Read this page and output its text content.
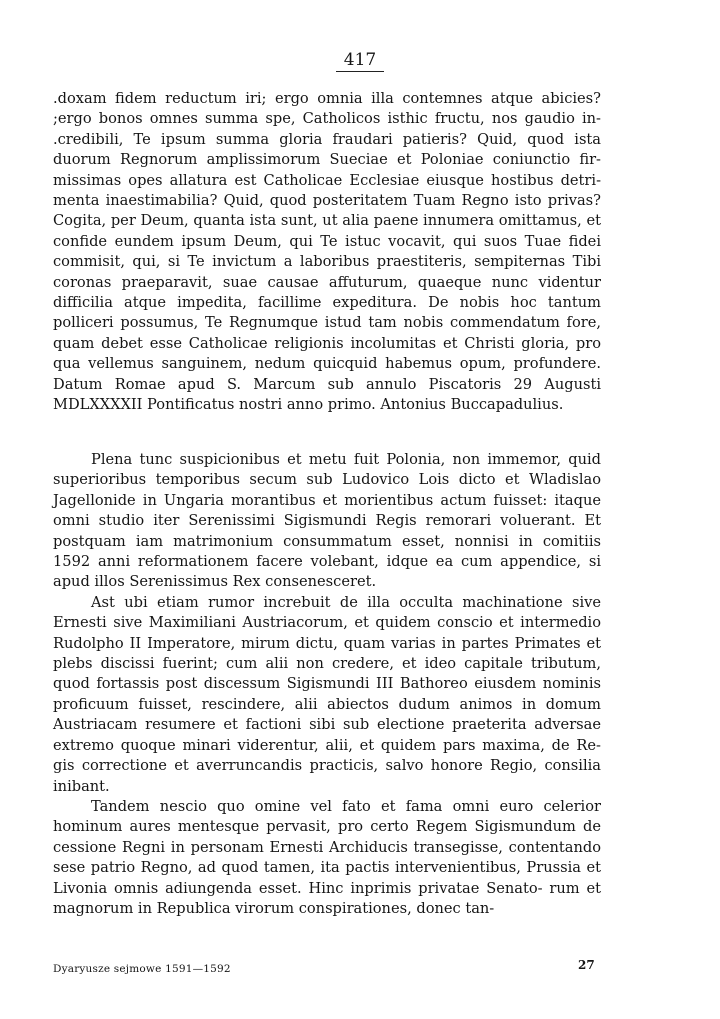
417

.doxam fidem reductum iri; ergo omnia illa contemnes atque abicies? ;ergo bonos omnes summa spe, Catholicos isthic fructu, nos gaudio in- .credibili, Te ipsum summa gloria fraudari patieris? Quid, quod ista duorum Regnorum amplissimorum Sueciae et Poloniae coniunctio fir- missimas opes allatura est Catholicae Ecclesiae eiusque hostibus detri- menta inaestimabilia? Quid, quod posteritatem Tuam Regno isto privas? Cogita, per Deum, quanta ista sunt, ut alia paene innumera omittamus, et confide eundem ipsum Deum, qui Te istuc vocavit, qui suos Tuae fidei commisit, qui, si Te invictum a laboribus praestiteris, sempiternas Tibi coronas praeparavit, suae causae affuturum, quaeque nunc videntur difficilia atque impedita, facillime expeditura. De nobis hoc tantum polliceri possumus, Te Regnumque istud tam nobis commendatum fore, quam debet esse Catholicae religionis incolumitas et Christi gloria, pro qua vellemus sanguinem, nedum quicquid habemus opum, profundere. Datum Romae apud S. Marcum sub annulo Piscatoris 29 Augusti MDLXXXXII Pontificatus nostri anno primo. Antonius Buccapadulius.

Plena tunc suspicionibus et metu fuit Polonia, non immemor, quid superioribus temporibus secum sub Ludovico Lois dicto et Wladislao Jagellonide in Ungaria morantibus et morientibus actum fuisset: itaque omni studio iter Serenissimi Sigismundi Regis remorari voluerant. Et postquam iam matrimonium consummatum esset, nonnisi in comitiis 1592 anni reformationem facere volebant, idque ea cum appendice, si apud illos Serenissimus Rex consenesceret.

Ast ubi etiam rumor increbuit de illa occulta machinatione sive Ernesti sive Maximiliani Austriacorum, et quidem conscio et intermedio Rudolpho II Imperatore, mirum dictu, quam varias in partes Primates et plebs discissi fuerint; cum alii non credere, et ideo capitale tributum, quod fortassis post discessum Sigismundi III Bathoreo eiusdem nominis proficuum fuisset, rescindere, alii abiectos dudum animos in domum Austriacam resumere et factioni sibi sub electione praeterita adversae extremo quoque minari viderentur, alii, et quidem pars maxima, de Re- gis correctione et averruncandis practicis, salvo honore Regio, consilia inibant.

Tandem nescio quo omine vel fato et fama omni euro celerior hominum aures mentesque pervasit, pro certo Regem Sigismundum de cessione Regni in personam Ernesti Archiducis transegisse, contentando sese patrio Regno, ad quod tamen, ita pactis intervenientibus, Prussia et Livonia omnis adiungenda esset. Hinc inprimis privatae Senato- rum et magnorum in Republica virorum conspirationes, donec tan-

Dyaryusze sejmowe 1591—1592	27
